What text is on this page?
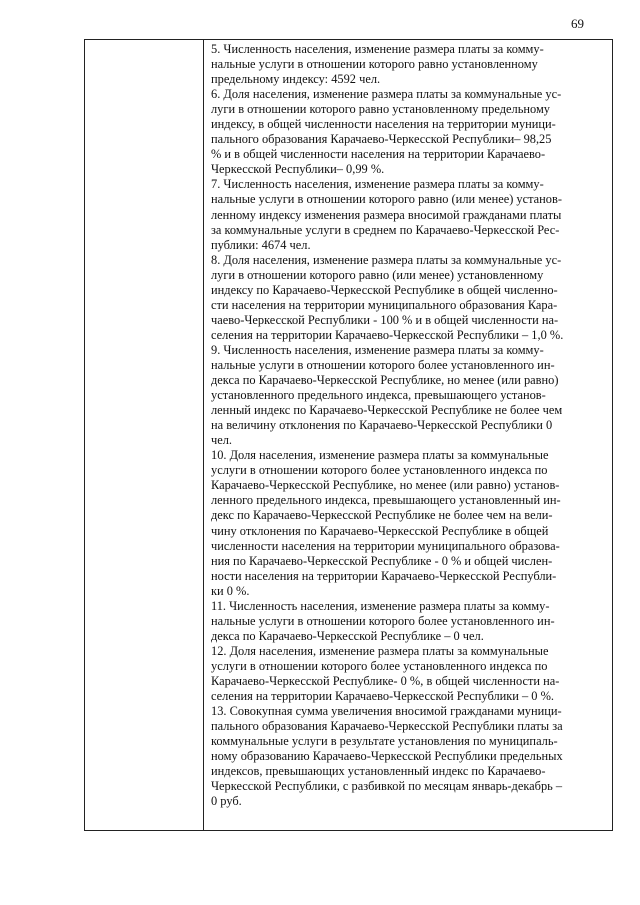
69
5. Численность населения, изменение размера платы за комму-
нальные услуги в отношении которого равно установленному
предельному индексу: 4592 чел.
6. Доля населения, изменение размера платы за коммунальные ус-
луги в отношении которого равно установленному предельному
индексу, в общей численности населения на территории муници-
пального образования Карачаево-Черкесской Республики– 98,25
% и в общей численности населения на территории Карачаево-
Черкесской Республики– 0,99 %.
7. Численность населения, изменение размера платы за комму-
нальные услуги в отношении которого равно (или менее) установ-
ленному индексу изменения размера вносимой гражданами платы
за коммунальные услуги в среднем по Карачаево-Черкесской Рес-
публики: 4674 чел.
8. Доля населения, изменение размера платы за коммунальные ус-
луги в отношении которого равно (или менее) установленному
индексу по Карачаево-Черкесской Республике в общей численно-
сти населения на территории муниципального образования Кара-
чаево-Черкесской Республики - 100 % и в общей численности на-
селения на территории Карачаево-Черкесской Республики – 1,0 %.
9. Численность населения, изменение размера платы за комму-
нальные услуги в отношении которого более установленного ин-
декса по Карачаево-Черкесской Республике, но менее (или равно)
установленного предельного индекса, превышающего установ-
ленный индекс по Карачаево-Черкесской Республике не более чем
на величину отклонения по Карачаево-Черкесской Республики 0
чел.
10. Доля населения, изменение размера платы за коммунальные
услуги в отношении которого более установленного индекса по
Карачаево-Черкесской Республике, но менее (или равно) установ-
ленного предельного индекса, превышающего установленный ин-
декс по Карачаево-Черкесской Республике не более чем на вели-
чину отклонения по Карачаево-Черкесской Республике в общей
численности населения на территории муниципального образова-
ния по Карачаево-Черкесской Республике - 0 % и общей числен-
ности населения на территории Карачаево-Черкесской Республи-
ки 0 %.
11. Численность населения, изменение размера платы за комму-
нальные услуги в отношении которого более установленного ин-
декса по Карачаево-Черкесской Республике – 0 чел.
12. Доля населения, изменение размера платы за коммунальные
услуги в отношении которого более установленного индекса по
Карачаево-Черкесской Республике- 0 %, в общей численности на-
селения на территории Карачаево-Черкесской Республики – 0 %.
13. Совокупная сумма увеличения вносимой гражданами муници-
пального образования Карачаево-Черкесской Республики платы за
коммунальные услуги в результате установления по муниципаль-
ному образованию Карачаево-Черкесской Республики предельных
индексов, превышающих установленный индекс по Карачаево-
Черкесской Республики, с разбивкой по месяцам январь-декабрь –
0 руб.
